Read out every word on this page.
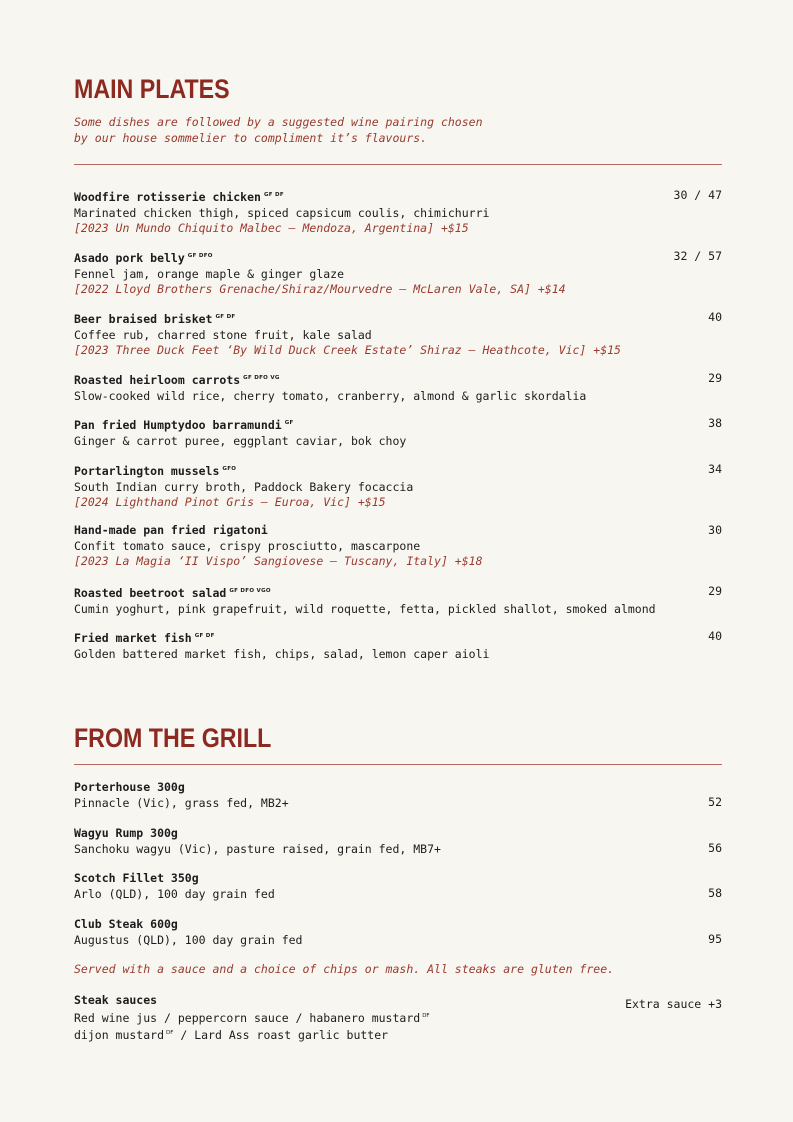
MAIN PLATES
Some dishes are followed by a suggested wine pairing chosen
by our house sommelier to compliment it’s flavours.
Woodfire rotisserie chicken $^{GF DF}$
Marinated chicken thigh, spiced capsicum coulis, chimichurri
[2023 Un Mundo Chiquito Malbec – Mendoza, Argentina] +$15
30 / 47
Asado pork belly $^{GF DFO}$
Fennel jam, orange maple & ginger glaze
[2022 Lloyd Brothers Grenache/Shiraz/Mourvedre – McLaren Vale, SA] +$14
32 / 57
Beer braised brisket $^{GF DF}$
Coffee rub, charred stone fruit, kale salad
[2023 Three Duck Feet ‘By Wild Duck Creek Estate’ Shiraz – Heathcote, Vic] +$15
40
Roasted heirloom carrots $^{GF DFO VG}$
Slow-cooked wild rice, cherry tomato, cranberry, almond & garlic skordalia
29
Pan fried Humptydoo barramundi $^{GF}$
Ginger & carrot puree, eggplant caviar, bok choy
38
Portarlington mussels $^{GFO}$
South Indian curry broth, Paddock Bakery focaccia
[2024 Lighthand Pinot Gris – Euroa, Vic] +$15
34
Hand-made pan fried rigatoni
Confit tomato sauce, crispy prosciutto, mascarpone
[2023 La Magia ‘II Vispo’ Sangiovese – Tuscany, Italy] +$18
30
Roasted beetroot salad $^{GF DFO VGO}$
Cumin yoghurt, pink grapefruit, wild roquette, fetta, pickled shallot, smoked almond
29
Fried market fish $^{GF DF}$
Golden battered market fish, chips, salad, lemon caper aioli
40
FROM THE GRILL
Porterhouse 300g
Pinnacle (Vic), grass fed, MB2+	52
Wagyu Rump 300g
Sanchoku wagyu (Vic), pasture raised, grain fed, MB7+	56
Scotch Fillet 350g
Arlo (QLD), 100 day grain fed	58
Club Steak 600g
Augustus (QLD), 100 day grain fed	95
Served with a sauce and a choice of chips or mash. All steaks are gluten free.
Steak sauces
Red wine jus / peppercorn sauce / habanero mustard $^{DF}$
dijon mustard $^{DF}$ / Lard Ass roast garlic butter
Extra sauce +3
